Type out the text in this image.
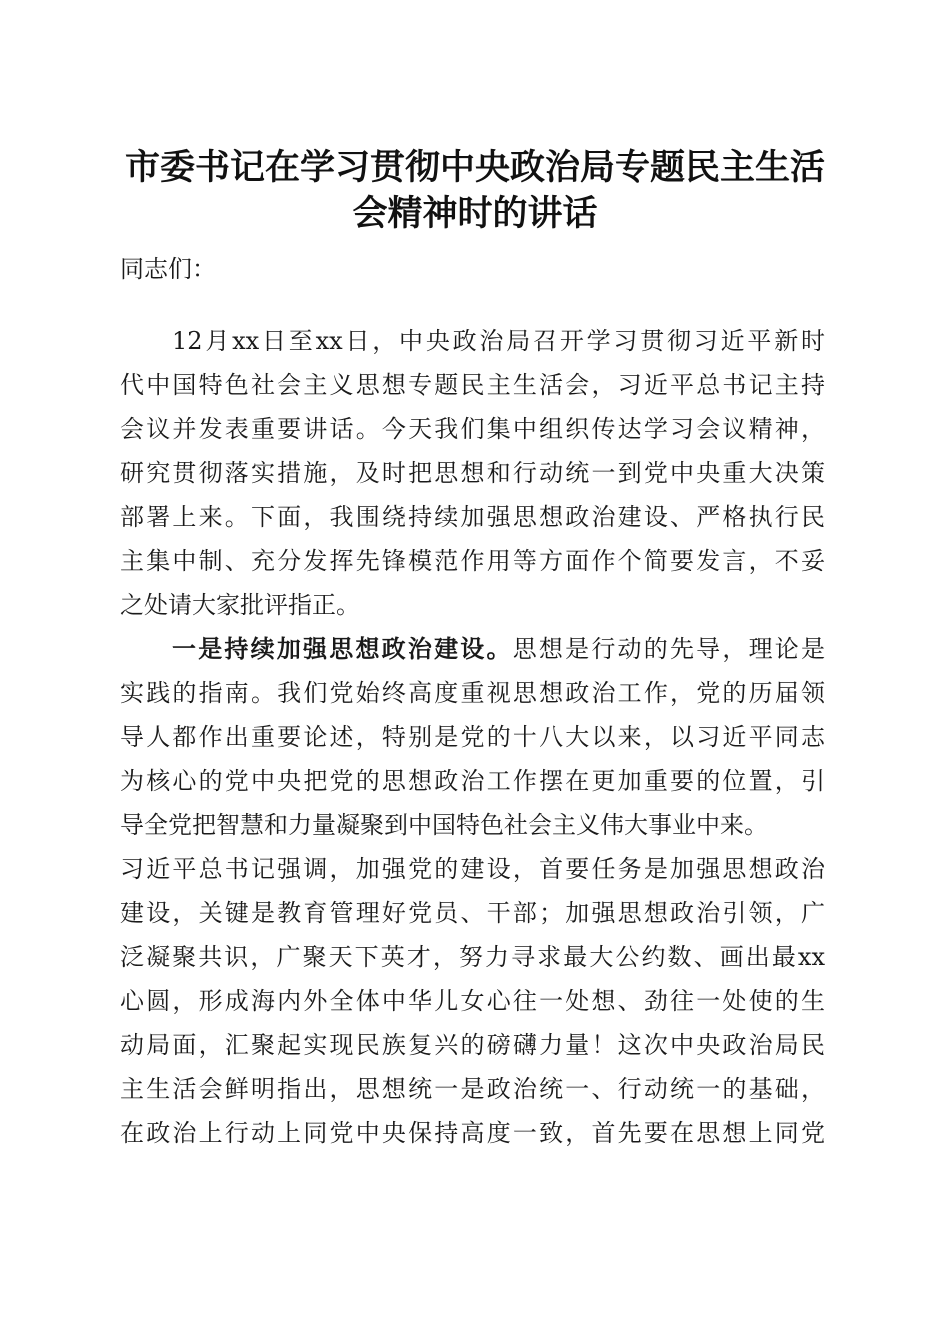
市委书记在学习贯彻中央政治局专题民主生活
会精神时的讲话
同志们：
12月xx日至xx日，中央政治局召开学习贯彻习近平新时
代中国特色社会主义思想专题民主生活会，习近平总书记主持
会议并发表重要讲话。今天我们集中组织传达学习会议精神，
研究贯彻落实措施，及时把思想和行动统一到党中央重大决策
部署上来。下面，我围绕持续加强思想政治建设、严格执行民
主集中制、充分发挥先锋模范作用等方面作个简要发言，不妥
之处请大家批评指正。
一是持续加强思想政治建设。思想是行动的先导，理论是
实践的指南。我们党始终高度重视思想政治工作，党的历届领
导人都作出重要论述，特别是党的十八大以来，以习近平同志
为核心的党中央把党的思想政治工作摆在更加重要的位置，引
导全党把智慧和力量凝聚到中国特色社会主义伟大事业中来。
习近平总书记强调，加强党的建设，首要任务是加强思想政治
建设，关键是教育管理好党员、干部；加强思想政治引领，广
泛凝聚共识，广聚天下英才，努力寻求最大公约数、画出最xx
心圆，形成海内外全体中华儿女心往一处想、劲往一处使的生
动局面，汇聚起实现民族复兴的磅礴力量！这次中央政治局民
主生活会鲜明指出，思想统一是政治统一、行动统一的基础，
在政治上行动上同党中央保持高度一致，首先要在思想上同党
